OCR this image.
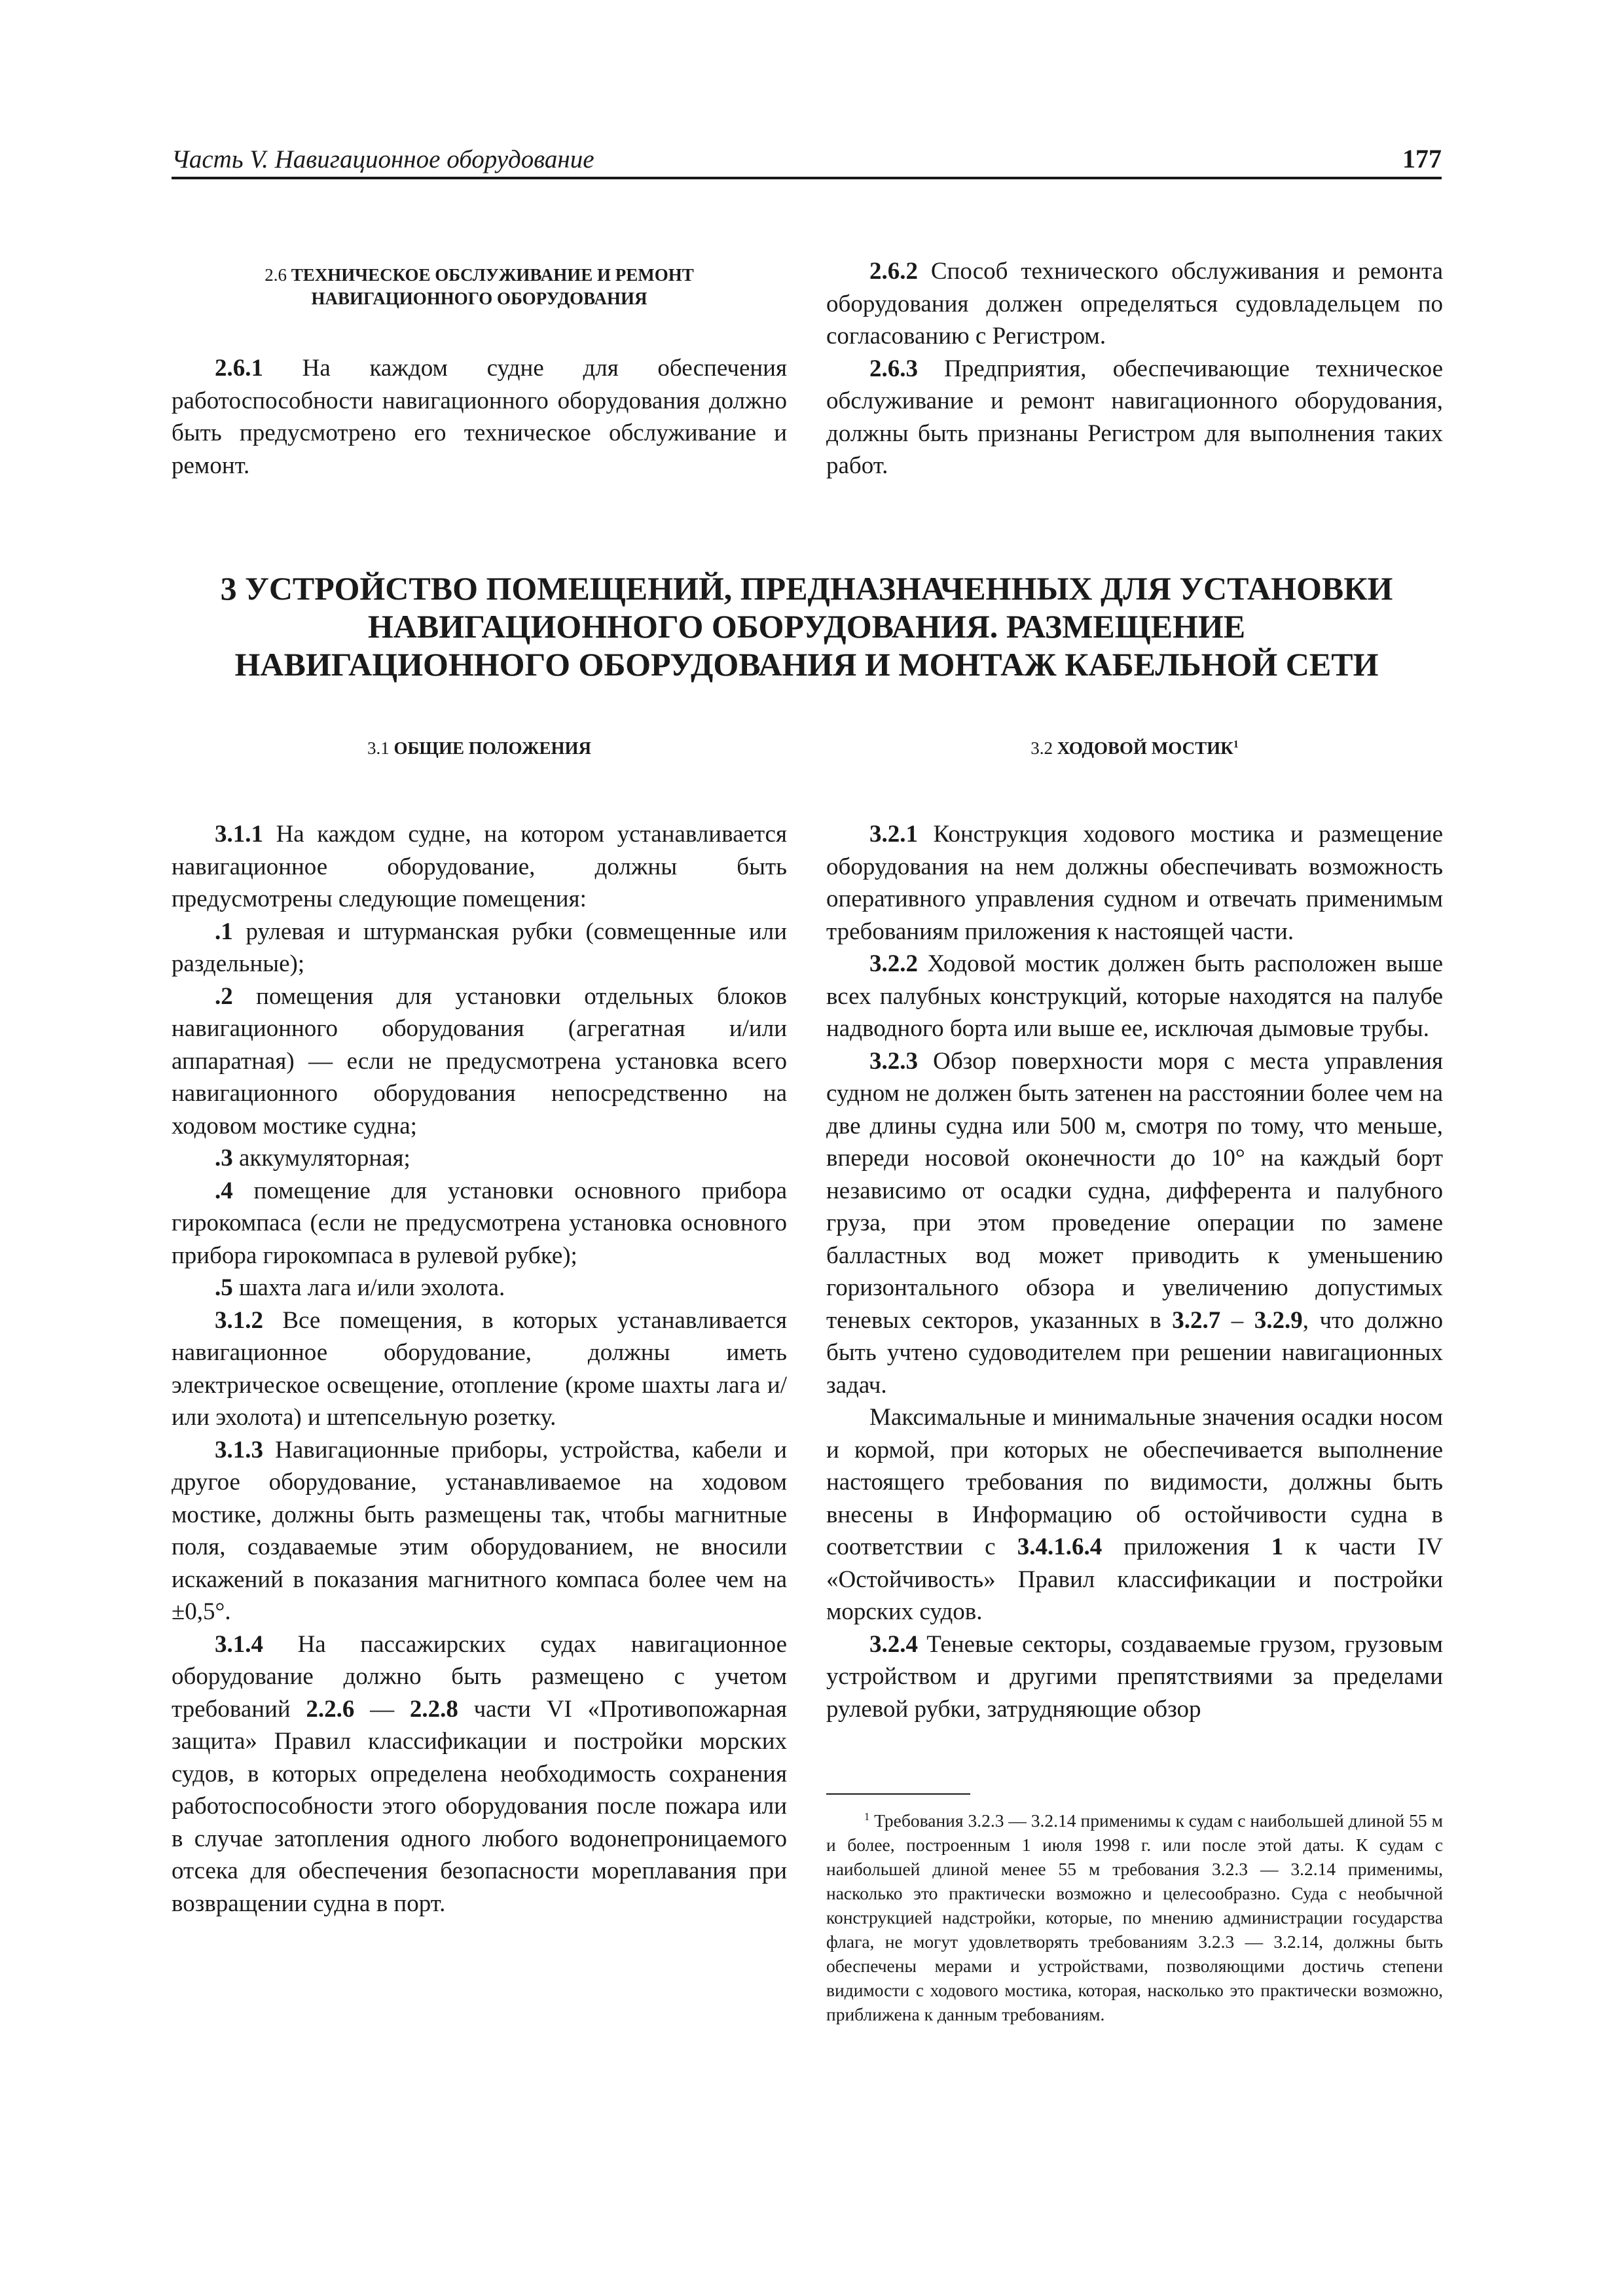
Часть V. Навигационное оборудование	177
2.6 ТЕХНИЧЕСКОЕ ОБСЛУЖИВАНИЕ И РЕМОНТ
НАВИГАЦИОННОГО ОБОРУДОВАНИЯ

2.6.1 На каждом судне для обеспечения работоспособности навигационного оборудования должно быть предусмотрено его техническое обслуживание и ремонт.

2.6.2 Способ технического обслуживания и ремонта оборудования должен определяться судовладельцем по согласованию с Регистром.

2.6.3 Предприятия, обеспечивающие техническое обслуживание и ремонт навигационного оборудования, должны быть признаны Регистром для выполнения таких работ.

3 УСТРОЙСТВО ПОМЕЩЕНИЙ, ПРЕДНАЗНАЧЕННЫХ ДЛЯ УСТАНОВКИ
НАВИГАЦИОННОГО ОБОРУДОВАНИЯ. РАЗМЕЩЕНИЕ
НАВИГАЦИОННОГО ОБОРУДОВАНИЯ И МОНТАЖ КАБЕЛЬНОЙ СЕТИ
3.1 ОБЩИЕ ПОЛОЖЕНИЯ	3.2 ХОДОВОЙ МОСТИК$^1$

3.1.1 На каждом судне, на котором устанавливается навигационное оборудование, должны быть предусмотрены следующие помещения:

.1 рулевая и штурманская рубки (совмещенные или раздельные);

.2 помещения для установки отдельных блоков навигационного оборудования (агрегатная и/или аппаратная) — если не предусмотрена установка всего навигационного оборудования непосредственно на ходовом мостике судна;

.3 аккумуляторная;

.4 помещение для установки основного прибора гирокомпаса (если не предусмотрена установка основного прибора гирокомпаса в рулевой рубке);

.5 шахта лага и/или эхолота.

3.1.2 Все помещения, в которых устанавливается навигационное оборудование, должны иметь электрическое освещение, отопление (кроме шахты лага и/или эхолота) и штепсельную розетку.

3.1.3 Навигационные приборы, устройства, кабели и другое оборудование, устанавливаемое на ходовом мостике, должны быть размещены так, чтобы магнитные поля, создаваемые этим оборудованием, не вносили искажений в показания магнитного компаса более чем на ±0,5°.

3.1.4 На пассажирских судах навигационное оборудование должно быть размещено с учетом требований 2.2.6 — 2.2.8 части VI «Противопожарная защита» Правил классификации и постройки морских судов, в которых определена необходимость сохранения работоспособности этого оборудования после пожара или в случае затопления одного любого водонепроницаемого отсека для обеспечения безопасности мореплавания при возвращении судна в порт.

3.2.1 Конструкция ходового мостика и размещение оборудования на нем должны обеспечивать возможность оперативного управления судном и отвечать применимым требованиям приложения к настоящей части.

3.2.2 Ходовой мостик должен быть расположен выше всех палубных конструкций, которые находятся на палубе надводного борта или выше ее, исключая дымовые трубы.

3.2.3 Обзор поверхности моря с места управления судном не должен быть затенен на расстоянии более чем на две длины судна или 500 м, смотря по тому, что меньше, впереди носовой оконечности до 10° на каждый борт независимо от осадки судна, дифферента и палубного груза, при этом проведение операции по замене балластных вод может приводить к уменьшению горизонтального обзора и увеличению допустимых теневых секторов, указанных в 3.2.7 – 3.2.9, что должно быть учтено судоводителем при решении навигационных задач.

Максимальные и минимальные значения осадки носом и кормой, при которых не обеспечивается выполнение настоящего требования по видимости, должны быть внесены в Информацию об остойчивости судна в соответствии с 3.4.1.6.4 приложения 1 к части IV «Остойчивость» Правил классификации и постройки морских судов.

3.2.4 Теневые секторы, создаваемые грузом, грузовым устройством и другими препятствиями за пределами рулевой рубки, затрудняющие обзор

$^1$ Требования 3.2.3 — 3.2.14 применимы к судам с наибольшей длиной 55 м и более, построенным 1 июля 1998 г. или после этой даты. К судам с наибольшей длиной менее 55 м требования 3.2.3 — 3.2.14 применимы, насколько это практически возможно и целесообразно. Суда с необычной конструкцией надстройки, которые, по мнению администрации государства флага, не могут удовлетворять требованиям 3.2.3 — 3.2.14, должны быть обеспечены мерами и устройствами, позволяющими достичь степени видимости с ходового мостика, которая, насколько это практически возможно, приближена к данным требованиям.
